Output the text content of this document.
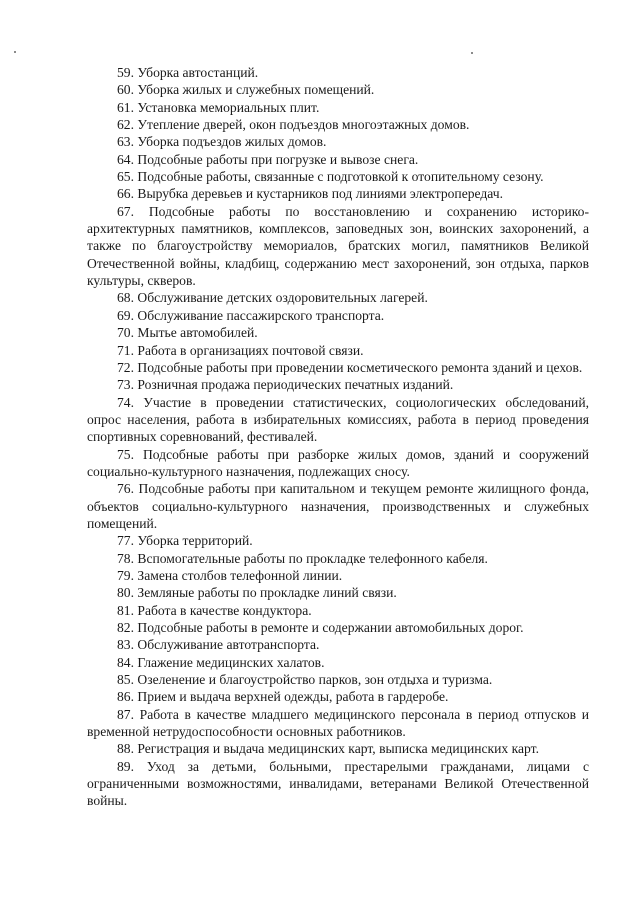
59. Уборка автостанций.

60. Уборка жилых и служебных помещений.

61. Установка мемориальных плит.

62. Утепление дверей, окон подъездов многоэтажных домов.

63. Уборка подъездов жилых домов.

64. Подсобные работы при погрузке и вывозе снега.

65. Подсобные работы, связанные с подготовкой к отопительному сезону.

66. Вырубка деревьев и кустарников под линиями электропередач.

67. Подсобные работы по восстановлению и сохранению историко-архитектурных памятников, комплексов, заповедных зон, воинских захоронений, а также по благоустройству мемориалов, братских могил, памятников Великой Отечественной войны, кладбищ, содержанию мест захоронений, зон отдыха, парков культуры, скверов.

68. Обслуживание детских оздоровительных лагерей.

69. Обслуживание пассажирского транспорта.

70. Мытье автомобилей.

71. Работа в организациях почтовой связи.

72. Подсобные работы при проведении косметического ремонта зданий и цехов.

73. Розничная продажа периодических печатных изданий.

74. Участие в проведении статистических, социологических обследований, опрос населения, работа в избирательных комиссиях, работа в период проведения спортивных соревнований, фестивалей.

75. Подсобные работы при разборке жилых домов, зданий и сооружений социально-культурного назначения, подлежащих сносу.

76. Подсобные работы при капитальном и текущем ремонте жилищного фонда, объектов социально-культурного назначения, производственных и служебных помещений.

77. Уборка территорий.

78. Вспомогательные работы по прокладке телефонного кабеля.

79. Замена столбов телефонной линии.

80. Земляные работы по прокладке линий связи.

81. Работа в качестве кондуктора.

82. Подсобные работы в ремонте и содержании автомобильных дорог.

83. Обслуживание автотранспорта.

84. Глажение медицинских халатов.

85. Озеленение и благоустройство парков, зон отдыха и туризма.

86. Прием и выдача верхней одежды, работа в гардеробе.

87. Работа в качестве младшего медицинского персонала в период отпусков и временной нетрудоспособности основных работников.

88. Регистрация и выдача медицинских карт, выписка медицинских карт.

89. Уход за детьми, больными, престарелыми гражданами, лицами с ограниченными возможностями, инвалидами, ветеранами Великой Отечественной войны.
